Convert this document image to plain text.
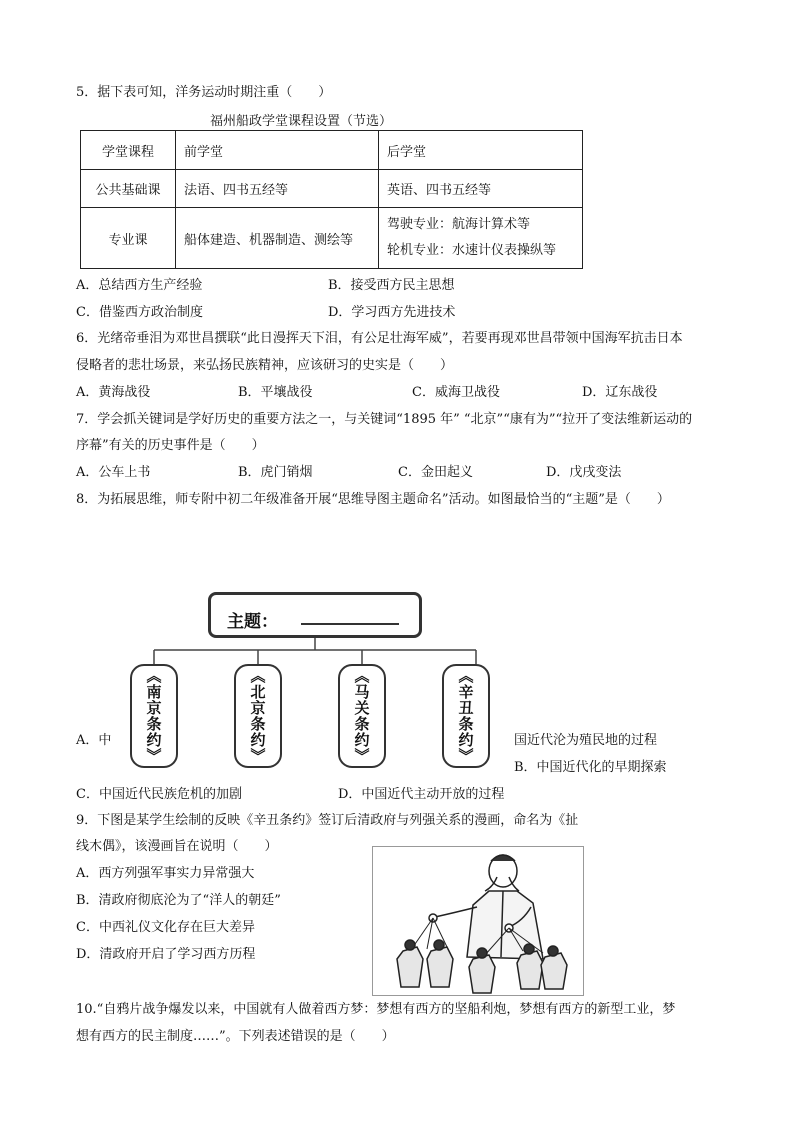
5．据下表可知，洋务运动时期注重（　　）
福州船政学堂课程设置（节选）
学堂课程	前学堂	后学堂
公共基础课	法语、四书五经等	英语、四书五经等
专业课	船体建造、机器制造、测绘等	驾驶专业：航海计算术等
轮机专业：水速计仪表操纵等
A．总结西方生产经验	B．接受西方民主思想
C．借鉴西方政治制度	D．学习西方先进技术
6．光绪帝垂泪为邓世昌撰联“此日漫挥天下泪，有公足壮海军威”，若要再现邓世昌带领中国海军抗击日本
侵略者的悲壮场景，来弘扬民族精神，应该研习的史实是（　　）
A．黄海战役	B．平壤战役	C．威海卫战役	D．辽东战役
7．学会抓关键词是学好历史的重要方法之一，与关键词“1895 年” “北京”“康有为”“拉开了变法维新运动的
序幕”有关的历史事件是（　　）
A．公车上书	B．虎门销烟	C．金田起义	D．戊戌变法
8．为拓展思维，师专附中初二年级准备开展“思维导图主题命名”活动。如图最恰当的“主题”是（　　）
主题：
《南京条约》	《北京条约》	《马关条约》	《辛丑条约》
A．中	国近代沦为殖民地的过程
B．中国近代化的早期探索
C．中国近代民族危机的加剧	D．中国近代主动开放的过程
9．下图是某学生绘制的反映《辛丑条约》签订后清政府与列强关系的漫画，命名为《扯
线木偶》，该漫画旨在说明（　　）
A．西方列强军事实力异常强大
B．清政府彻底沦为了“洋人的朝廷”
C．中西礼仪文化存在巨大差异
D．清政府开启了学习西方历程
10.“自鸦片战争爆发以来，中国就有人做着西方梦：梦想有西方的坚船利炮，梦想有西方的新型工业，梦
想有西方的民主制度……”。下列表述错误的是（　　）
